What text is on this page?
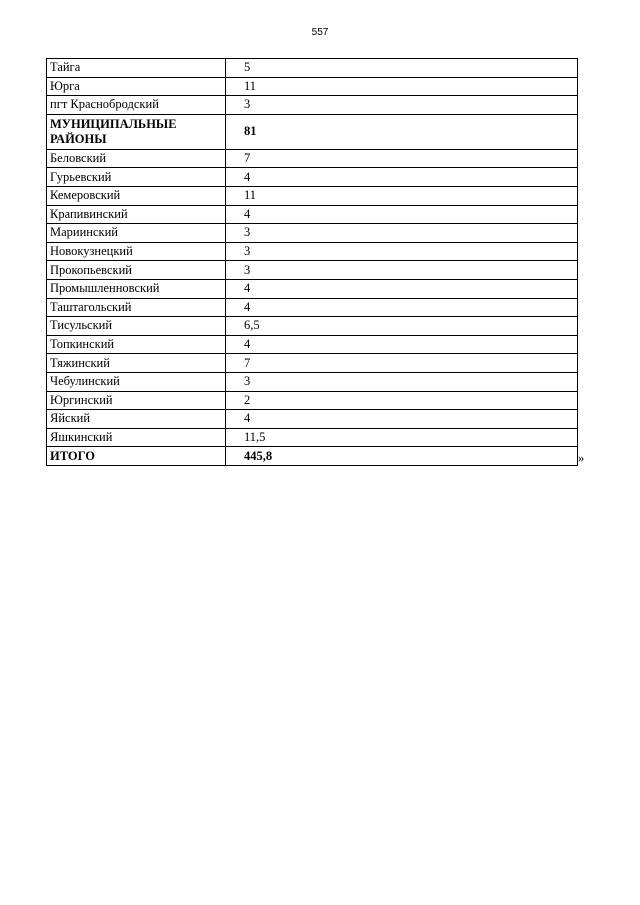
557
Тайга	5
Юрга	11
пгт Краснобродский	3
МУНИЦИПАЛЬНЫЕ РАЙОНЫ	81
Беловский	7
Гурьевский	4
Кемеровский	11
Крапивинский	4
Мариинский	3
Новокузнецкий	3
Прокопьевский	3
Промышленновский	4
Таштагольский	4
Тисульский	6,5
Топкинский	4
Тяжинский	7
Чебулинский	3
Юргинский	2
Яйский	4
Яшкинский	11,5
ИТОГО	445,8	»
